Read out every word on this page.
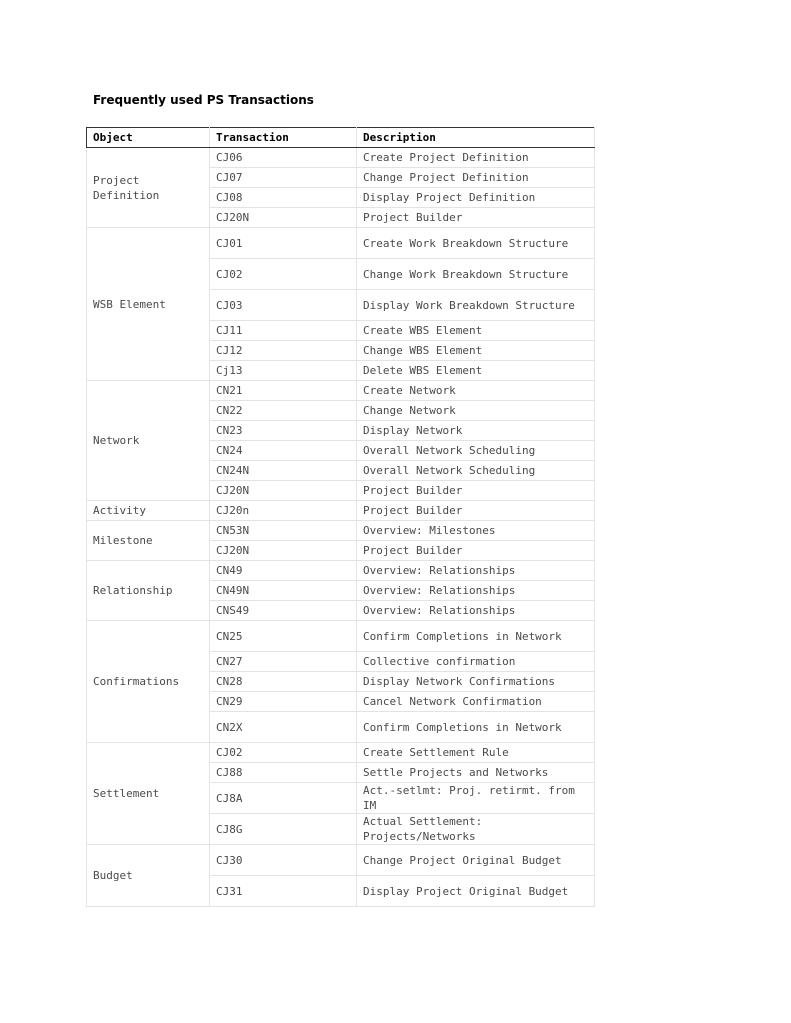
Frequently used PS Transactions
Object	Transaction	Description
Project Definition	CJ06	Create Project Definition
	CJ07	Change Project Definition
	CJ08	Display Project Definition
	CJ20N	Project Builder
WSB Element	CJ01	Create Work Breakdown Structure
	CJ02	Change Work Breakdown Structure
	CJ03	Display Work Breakdown Structure
	CJ11	Create WBS Element
	CJ12	Change WBS Element
	Cj13	Delete WBS Element
Network	CN21	Create Network
	CN22	Change Network
	CN23	Display Network
	CN24	Overall Network Scheduling
	CN24N	Overall Network Scheduling
	CJ20N	Project Builder
Activity	CJ20n	Project Builder
Milestone	CN53N	Overview: Milestones
	CJ20N	Project Builder
Relationship	CN49	Overview: Relationships
	CN49N	Overview: Relationships
	CNS49	Overview: Relationships
Confirmations	CN25	Confirm Completions in Network
	CN27	Collective confirmation
	CN28	Display Network Confirmations
	CN29	Cancel Network Confirmation
	CN2X	Confirm Completions in Network
Settlement	CJ02	Create Settlement Rule
	CJ88	Settle Projects and Networks
	CJ8A	Act.-setlmt: Proj. retirmt. from IM
	CJ8G	Actual Settlement: Projects/Networks
Budget	CJ30	Change Project Original Budget
	CJ31	Display Project Original Budget
